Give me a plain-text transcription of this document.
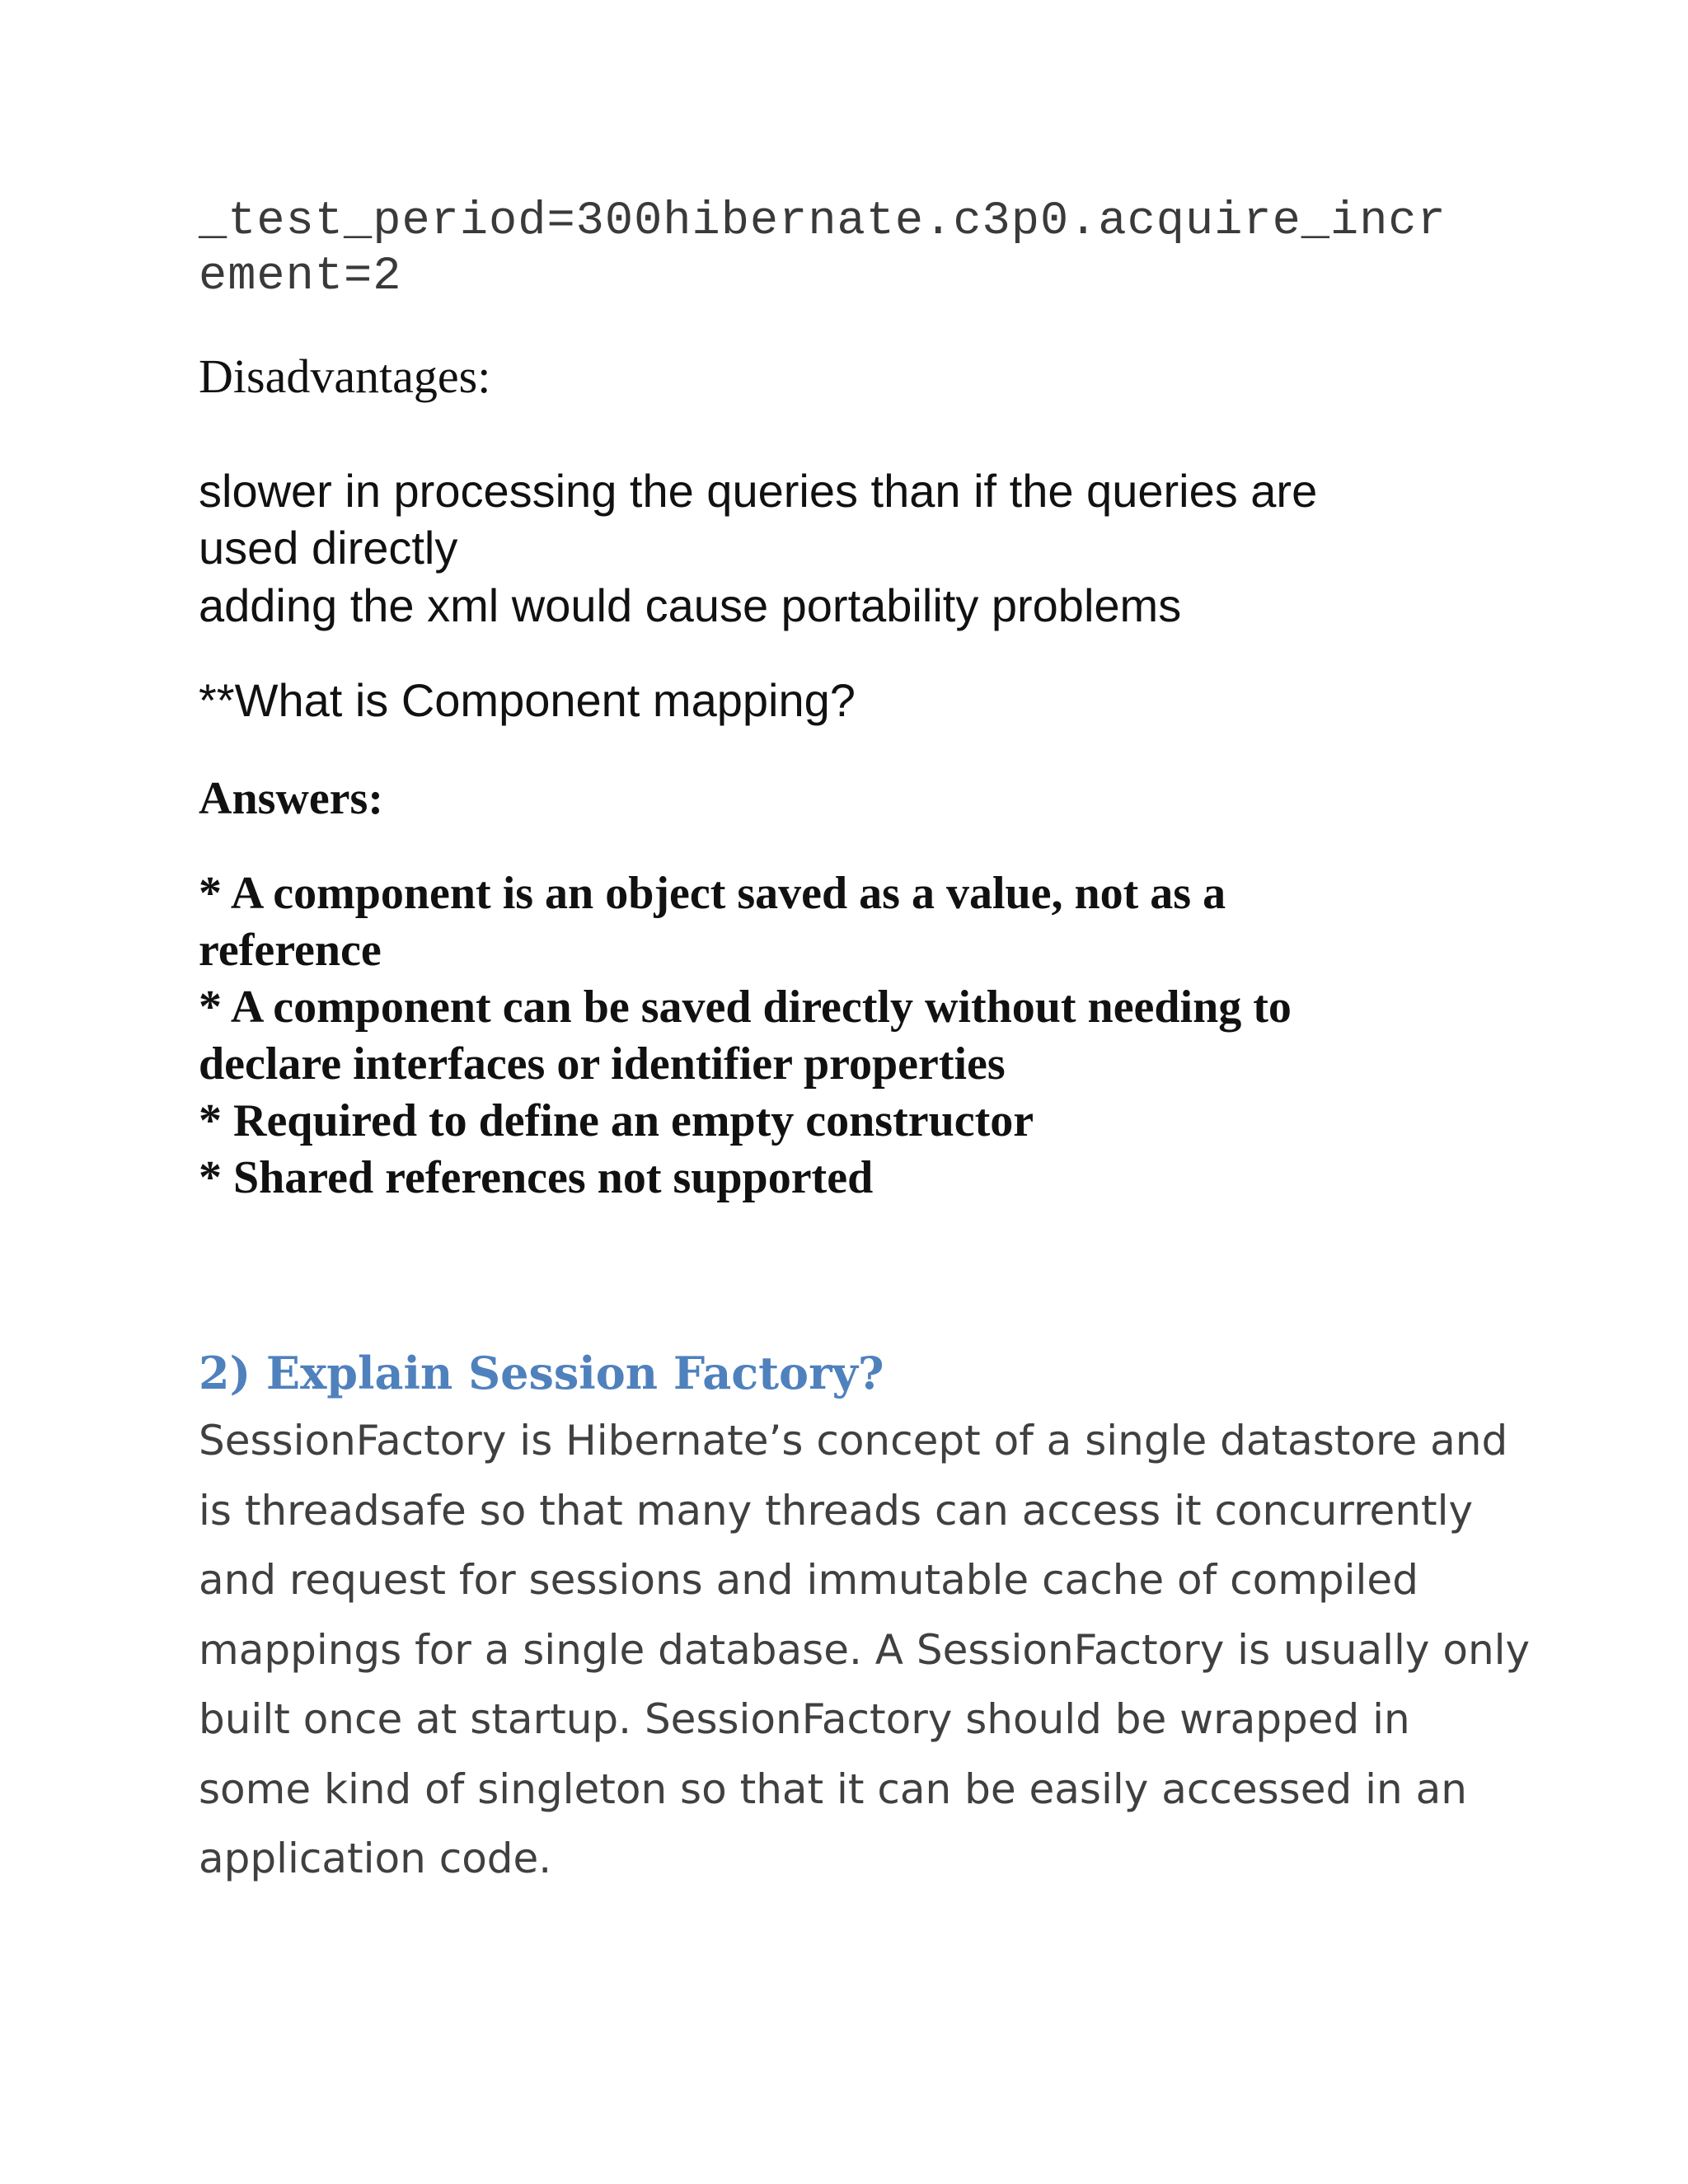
_test_period=300hibernate.c3p0.acquire_incr
ement=2
Disadvantages:
slower in processing the queries than if the queries are
used directly
adding the xml would cause portability problems
**What is Component mapping?
Answers:
* A component is an object saved as a value, not as a
reference
* A component can be saved directly without needing to
declare interfaces or identifier properties
* Required to define an empty constructor
* Shared references not supported
2) Explain Session Factory?
SessionFactory is Hibernate’s concept of a single datastore and
is threadsafe so that many threads can access it concurrently
and request for sessions and immutable cache of compiled
mappings for a single database. A SessionFactory is usually only
built once at startup. SessionFactory should be wrapped in
some kind of singleton so that it can be easily accessed in an
application code.
